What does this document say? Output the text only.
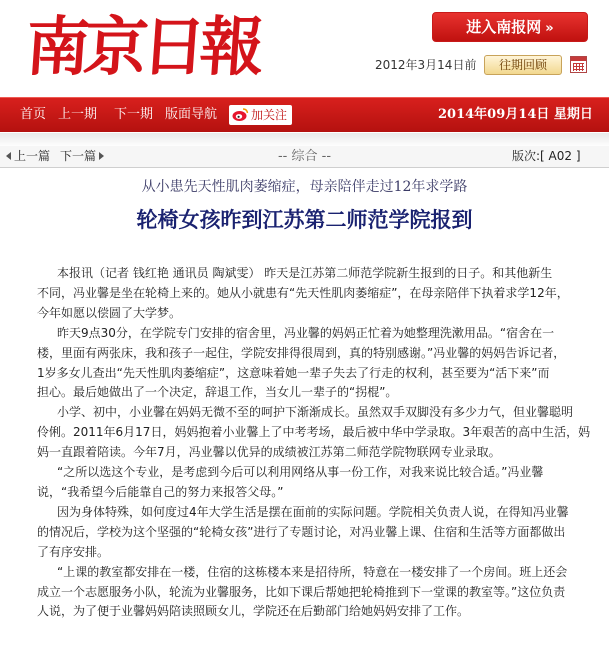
南
京
日
報	进入南报网 »
2012年3月14日前	往期回顾
首页 上一期 下一期 版面导航	加关注	2014年09月14日 星期日
-- 综合 --
上一篇 下一篇	版次:[ A02 ]
从小患先天性肌肉萎缩症，母亲陪伴走过12年求学路
轮椅女孩昨到江苏第二师范学院报到
本报讯（记者 钱红艳 通讯员 陶斌雯） 昨天是江苏第二师范学院新生报到的日子。和其他新生
不同，冯业馨是坐在轮椅上来的。她从小就患有“先天性肌肉萎缩症”，在母亲陪伴下执着求学12年，
今年如愿以偿圆了大学梦。
昨天9点30分，在学院专门安排的宿舍里，冯业馨的妈妈正忙着为她整理洗漱用品。“宿舍在一
楼，里面有两张床，我和孩子一起住，学院安排得很周到，真的特别感谢。”冯业馨的妈妈告诉记者，
1岁多女儿查出“先天性肌肉萎缩症”，这意味着她一辈子失去了行走的权利，甚至要为“活下来”而
担心。最后她做出了一个决定，辞退工作，当女儿一辈子的“拐棍”。
小学、初中，小业馨在妈妈无微不至的呵护下渐渐成长。虽然双手双脚没有多少力气，但业馨聪明
伶俐。2011年6月17日，妈妈抱着小业馨上了中考考场，最后被中华中学录取。3年艰苦的高中生活，妈
妈一直跟着陪读。今年7月，冯业馨以优异的成绩被江苏第二师范学院物联网专业录取。
“之所以选这个专业，是考虑到今后可以利用网络从事一份工作，对我来说比较合适。”冯业馨
说，“我希望今后能靠自己的努力来报答父母。”
因为身体特殊，如何度过4年大学生活是摆在面前的实际问题。学院相关负责人说，在得知冯业馨
的情况后，学校为这个坚强的“轮椅女孩”进行了专题讨论，对冯业馨上课、住宿和生活等方面都做出
了有序安排。
“上课的教室都安排在一楼，住宿的这栋楼本来是招待所，特意在一楼安排了一个房间。班上还会
成立一个志愿服务小队，轮流为业馨服务，比如下课后帮她把轮椅推到下一堂课的教室等。”这位负责
人说，为了便于业馨妈妈陪读照顾女儿，学院还在后勤部门给她妈妈安排了工作。
